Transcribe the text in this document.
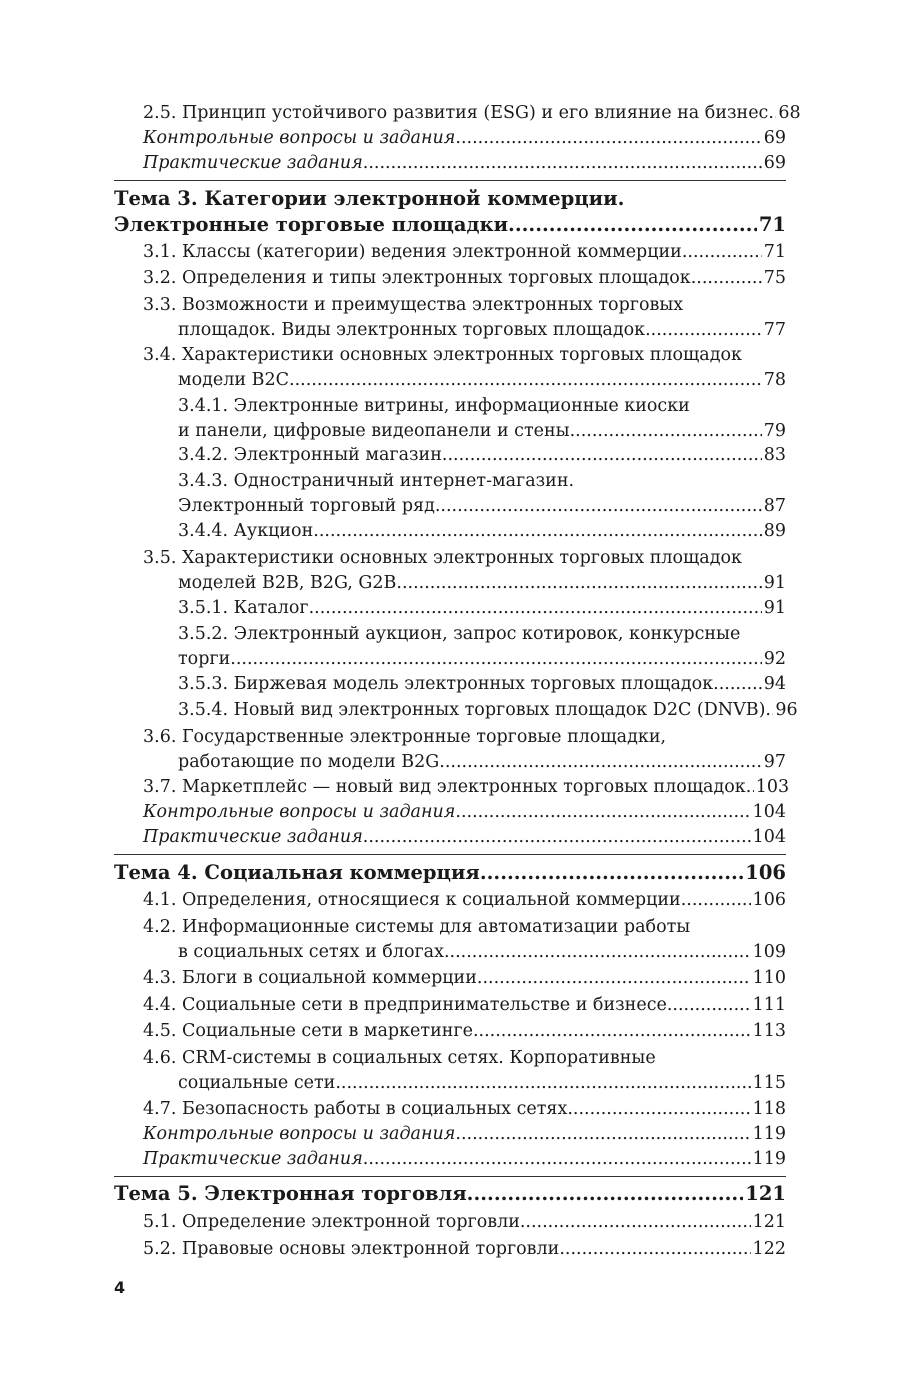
2.5. Принцип устойчивого развития (ESG) и его влияние на бизнес ..... 68
Контрольные вопросы и задания .....	69
Практические задания .....	69
Тема 3. Категории электронной коммерции.
Электронные торговые площадки .....	71
3.1. Классы (категории) ведения электронной коммерции .....	71
3.2. Определения и типы электронных торговых площадок .....	75
3.3. Возможности и преимущества электронных торговых
площадок. Виды электронных торговых площадок .....	77
3.4. Характеристики основных электронных торговых площадок
модели B2C .....	78
3.4.1. Электронные витрины, информационные киоски
и панели, цифровые видеопанели и стены .....	79
3.4.2. Электронный магазин .....	83
3.4.3. Одностраничный интернет-магазин.
Электронный торговый ряд .....	87
3.4.4. Аукцион .....	89
3.5. Характеристики основных электронных торговых площадок
моделей B2B, B2G, G2B .....	91
3.5.1. Каталог .....	91
3.5.2. Электронный аукцион, запрос котировок, конкурсные
торги .....	92
3.5.3. Биржевая модель электронных торговых площадок .....	94
3.5.4. Новый вид электронных торговых площадок D2C (DNVB) ..... 96
3.6. Государственные электронные торговые площадки,
работающие по модели B2G .....	97
3.7. Маркетплейс — новый вид электронных торговых площадок ..... 103
Контрольные вопросы и задания .....	104
Практические задания .....	104
Тема 4. Социальная коммерция .....	106
4.1. Определения, относящиеся к социальной коммерции .....	106
4.2. Информационные системы для автоматизации работы
в социальных сетях и блогах .....	109
4.3. Блоги в социальной коммерции .....	110
4.4. Социальные сети в предпринимательстве и бизнесе .....	111
4.5. Социальные сети в маркетинге .....	113
4.6. CRM-системы в социальных сетях. Корпоративные
социальные сети .....	115
4.7. Безопасность работы в социальных сетях .....	118
Контрольные вопросы и задания .....	119
Практические задания .....	119
Тема 5. Электронная торговля .....	121
5.1. Определение электронной торговли .....	121
5.2. Правовые основы электронной торговли .....	122
4
